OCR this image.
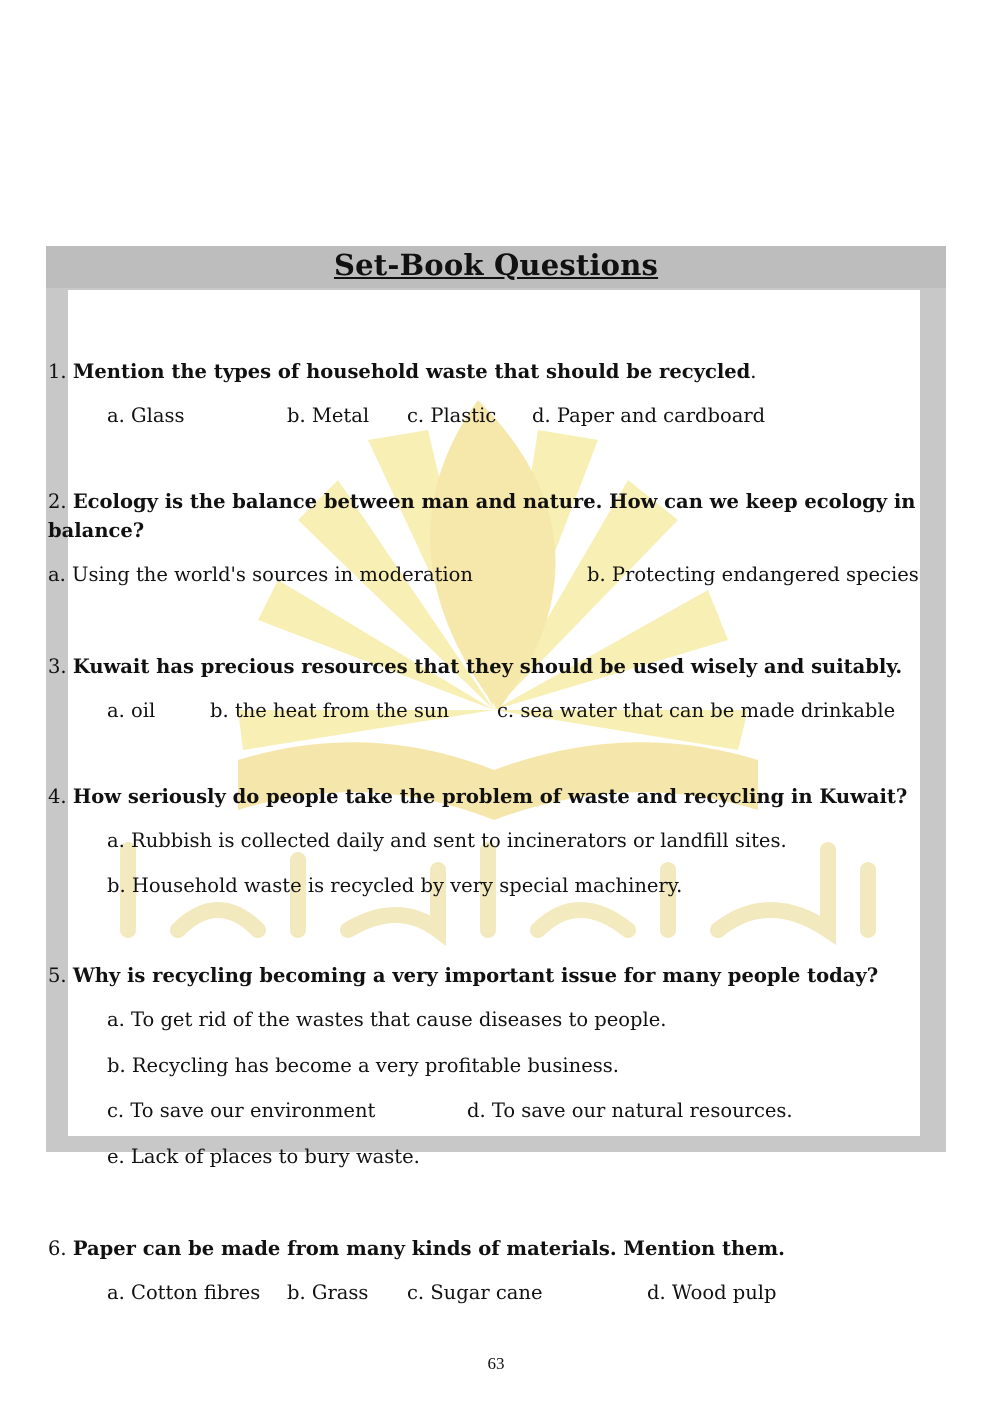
Set-Book Questions
1. Mention the types of household waste that should be recycled.
a. Glass	b. Metal c. Plastic d. Paper and cardboard
2. Ecology is the balance between man and nature. How can we keep ecology in balance?
a. Using the world's sources in moderation	b. Protecting endangered species
3. Kuwait has precious resources that they should be used wisely and suitably.
a. oil	b. the heat from the sun c. sea water that can be made drinkable
4. How seriously do people take the problem of waste and recycling in Kuwait?
a. Rubbish is collected daily and sent to incinerators or landfill sites.
b. Household waste is recycled by very special machinery.
5. Why is recycling becoming a very important issue for many people today?
a. To get rid of the wastes that cause diseases to people.
b. Recycling has become a very profitable business.
c. To save our environment	d. To save our natural resources.
e. Lack of places to bury waste.
6. Paper can be made from many kinds of materials. Mention them.
a. Cotton fibres b. Grass c. Sugar cane	d. Wood pulp
63
